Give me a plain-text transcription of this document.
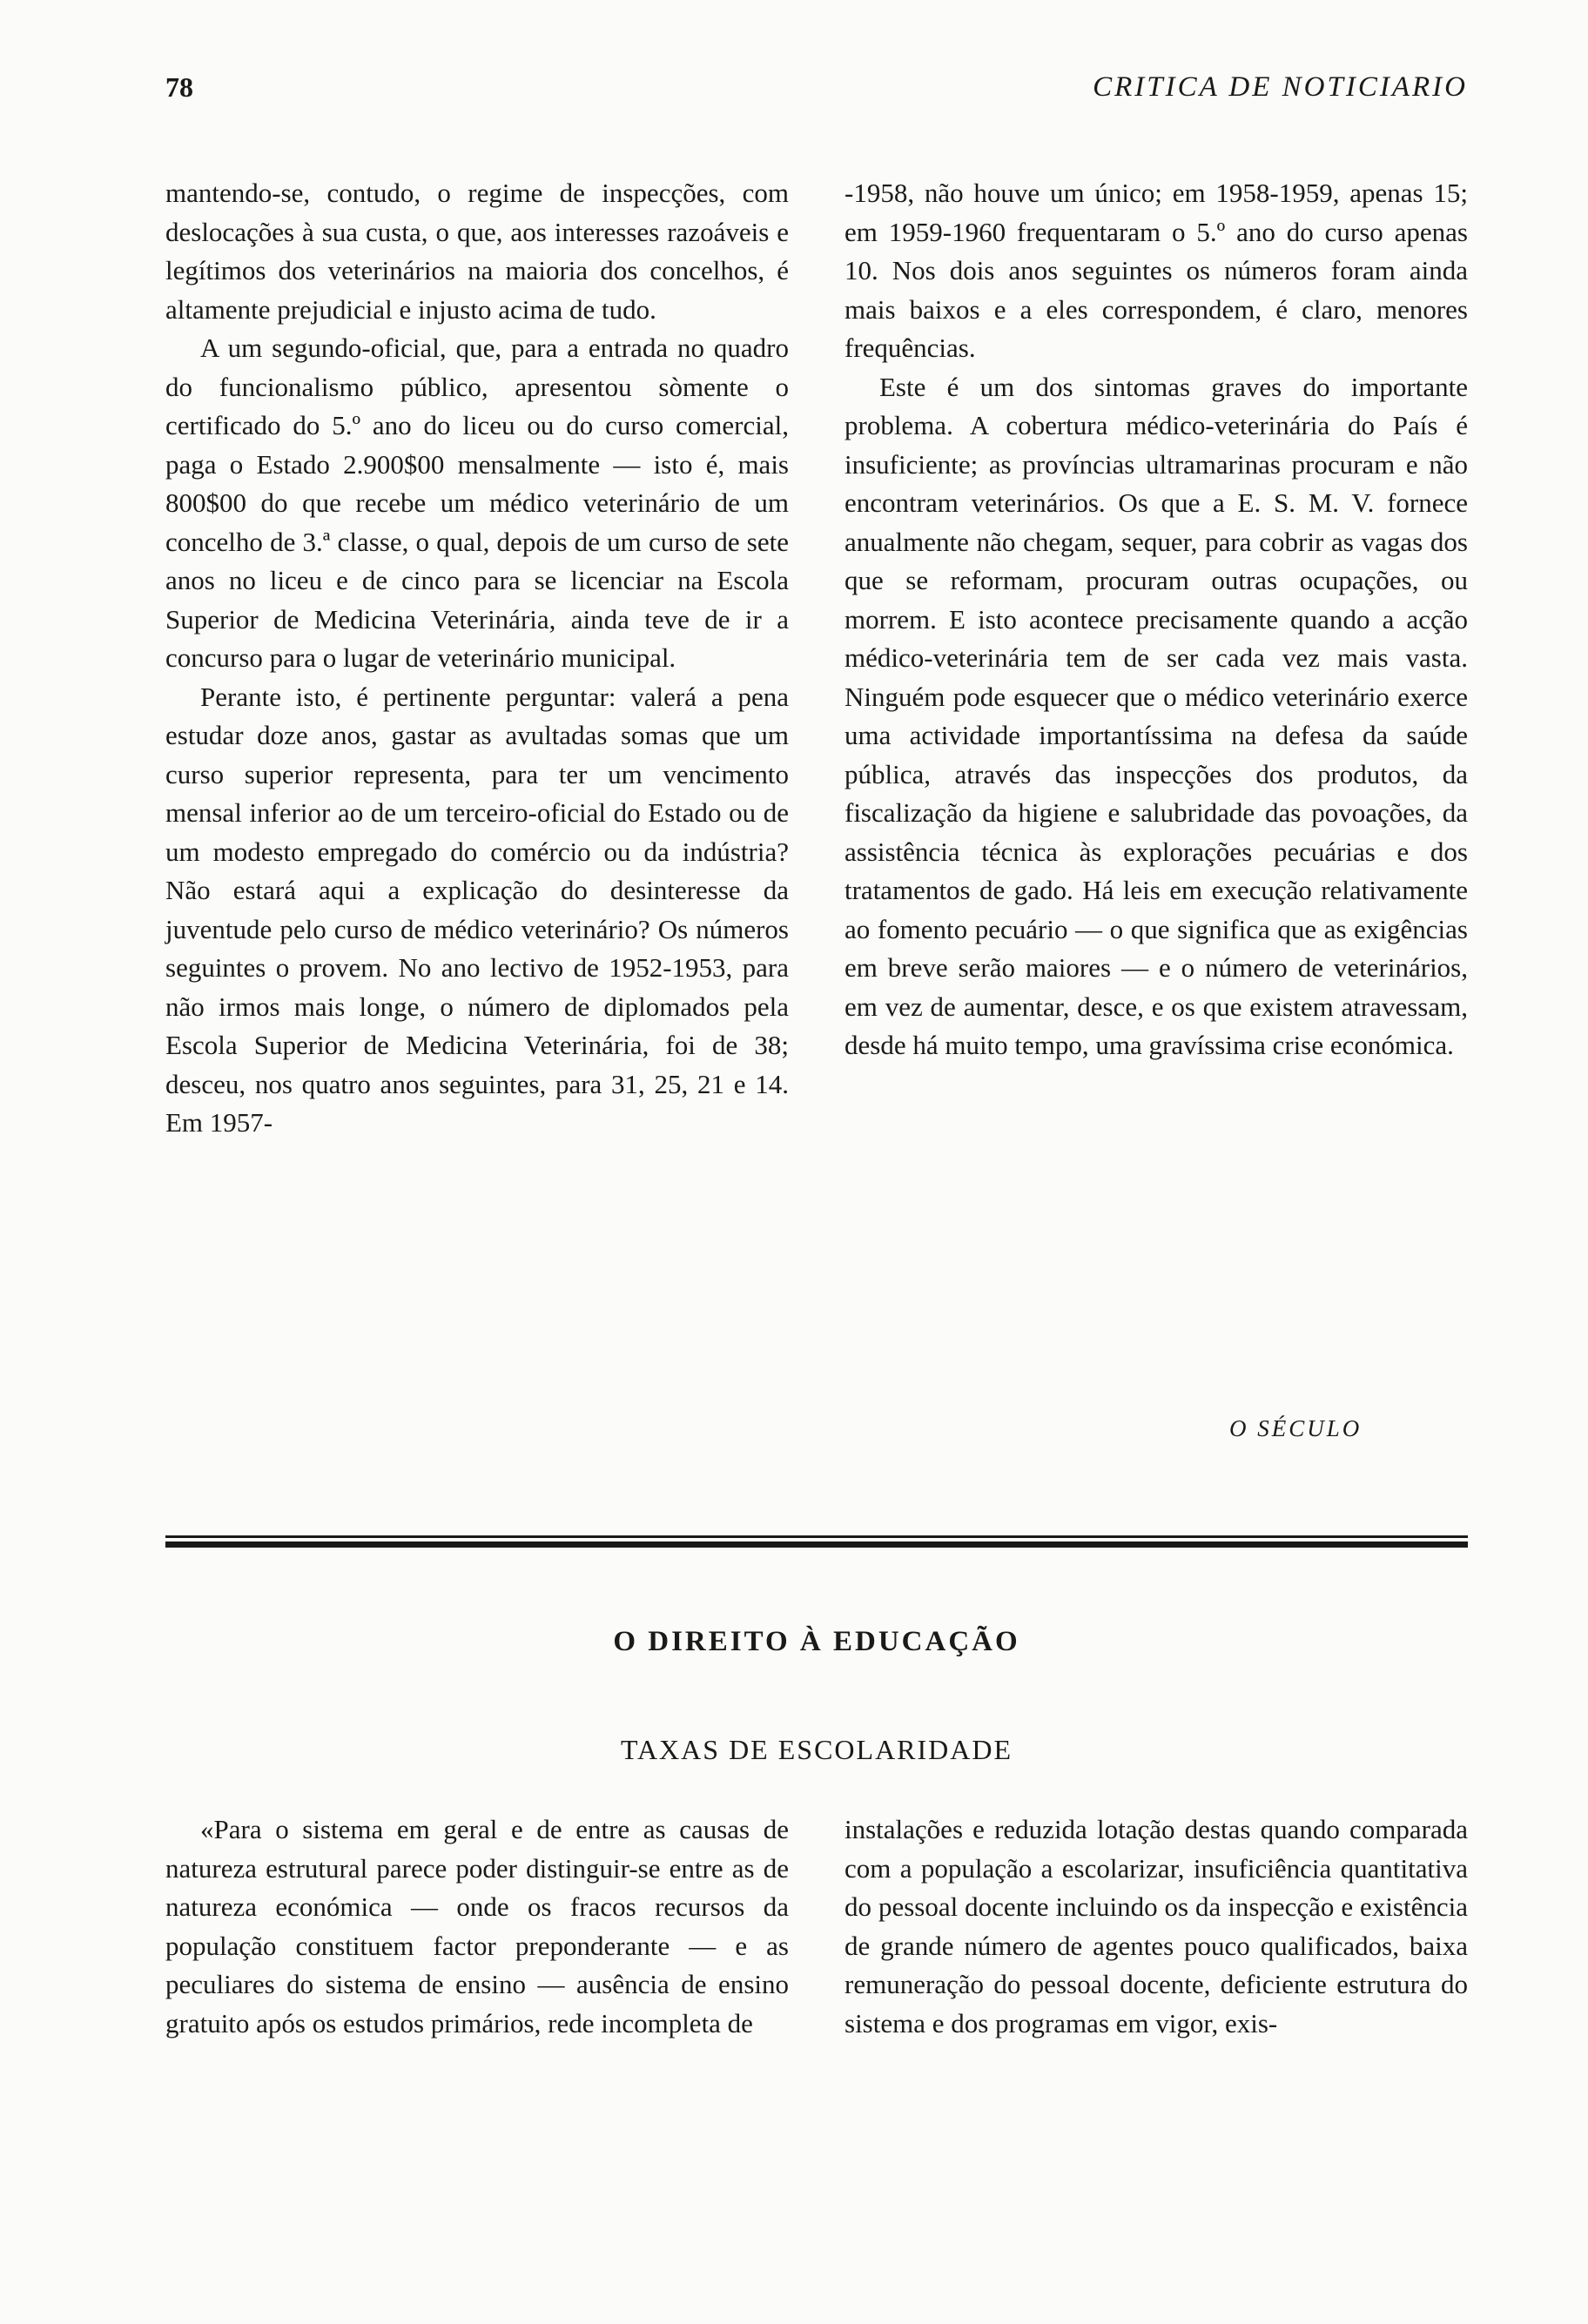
78	CRITICA DE NOTICIARIO

mantendo-se, contudo, o regime de inspecções, com deslocações à sua custa, o que, aos interesses razoáveis e legítimos dos veterinários na maioria dos concelhos, é altamente prejudicial e injusto acima de tudo.

A um segundo-oficial, que, para a entrada no quadro do funcionalismo público, apresentou sòmente o certificado do 5.º ano do liceu ou do curso comercial, paga o Estado 2.900$00 mensalmente — isto é, mais 800$00 do que recebe um médico veterinário de um concelho de 3.ª classe, o qual, depois de um curso de sete anos no liceu e de cinco para se licenciar na Escola Superior de Medicina Veterinária, ainda teve de ir a concurso para o lugar de veterinário municipal.

Perante isto, é pertinente perguntar: valerá a pena estudar doze anos, gastar as avultadas somas que um curso superior representa, para ter um vencimento mensal inferior ao de um terceiro-oficial do Estado ou de um modesto empregado do comércio ou da indústria? Não estará aqui a explicação do desinteresse da juventude pelo curso de médico veterinário? Os números seguintes o provem. No ano lectivo de 1952-1953, para não irmos mais longe, o número de diplomados pela Escola Superior de Medicina Veterinária, foi de 38; desceu, nos quatro anos seguintes, para 31, 25, 21 e 14. Em 1957-

-1958, não houve um único; em 1958-1959, apenas 15; em 1959-1960 frequentaram o 5.º ano do curso apenas 10. Nos dois anos seguintes os números foram ainda mais baixos e a eles correspondem, é claro, menores frequências.

Este é um dos sintomas graves do importante problema. A cobertura médico-veterinária do País é insuficiente; as províncias ultramarinas procuram e não encontram veterinários. Os que a E. S. M. V. fornece anualmente não chegam, sequer, para cobrir as vagas dos que se reformam, procuram outras ocupações, ou morrem. E isto acontece precisamente quando a acção médico-veterinária tem de ser cada vez mais vasta. Ninguém pode esquecer que o médico veterinário exerce uma actividade importantíssima na defesa da saúde pública, através das inspecções dos produtos, da fiscalização da higiene e salubridade das povoações, da assistência técnica às explorações pecuárias e dos tratamentos de gado. Há leis em execução relativamente ao fomento pecuário — o que significa que as exigências em breve serão maiores — e o número de veterinários, em vez de aumentar, desce, e os que existem atravessam, desde há muito tempo, uma gravíssima crise económica.

O SÉCULO
O DIREITO À EDUCAÇÃO
TAXAS DE ESCOLARIDADE

«Para o sistema em geral e de entre as causas de natureza estrutural parece poder distinguir-se entre as de natureza económica — onde os fracos recursos da população constituem factor preponderante — e as peculiares do sistema de ensino — ausência de ensino gratuito após os estudos primários, rede incompleta de

instalações e reduzida lotação destas quando comparada com a população a escolarizar, insuficiência quantitativa do pessoal docente incluindo os da inspecção e existência de grande número de agentes pouco qualificados, baixa remuneração do pessoal docente, deficiente estrutura do sistema e dos programas em vigor, exis-
